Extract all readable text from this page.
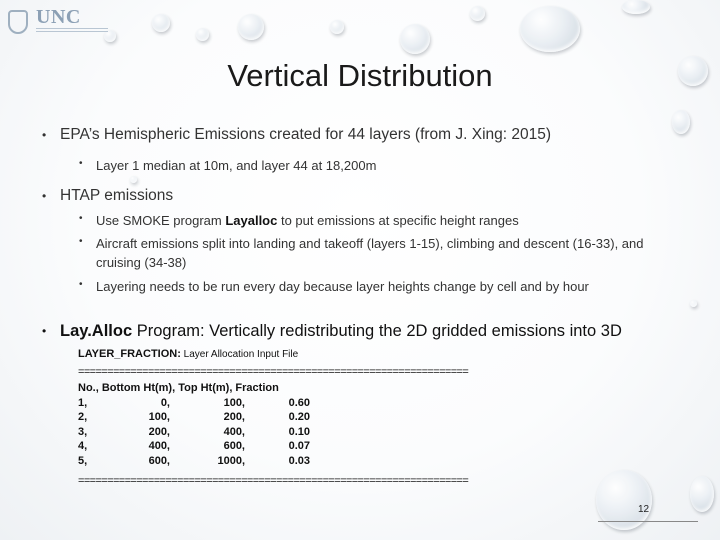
UNC
Vertical Distribution
• EPA’s Hemispheric Emissions created for 44 layers (from J. Xing: 2015)
• Layer 1 median at 10m, and layer 44 at 18,200m
• HTAP emissions
• Use SMOKE program Layalloc to put emissions at specific height ranges
• Aircraft emissions split into landing and takeoff (layers 1-15), climbing and descent (16-33), and cruising (34-38)
• Layering needs to be run every day because layer heights change by cell and by hour
• Lay.Alloc Program: Vertically redistributing the 2D gridded emissions into 3D
LAYER_FRACTION: Layer Allocation Input File
===================================================================
No., Bottom Ht(m), Top Ht(m), Fraction
1,	0,	100,	0.60
2,	100,	200,	0.20
3,	200,	400,	0.10
4,	400,	600,	0.07
5,	600,	1000,	0.03
===================================================================
12
